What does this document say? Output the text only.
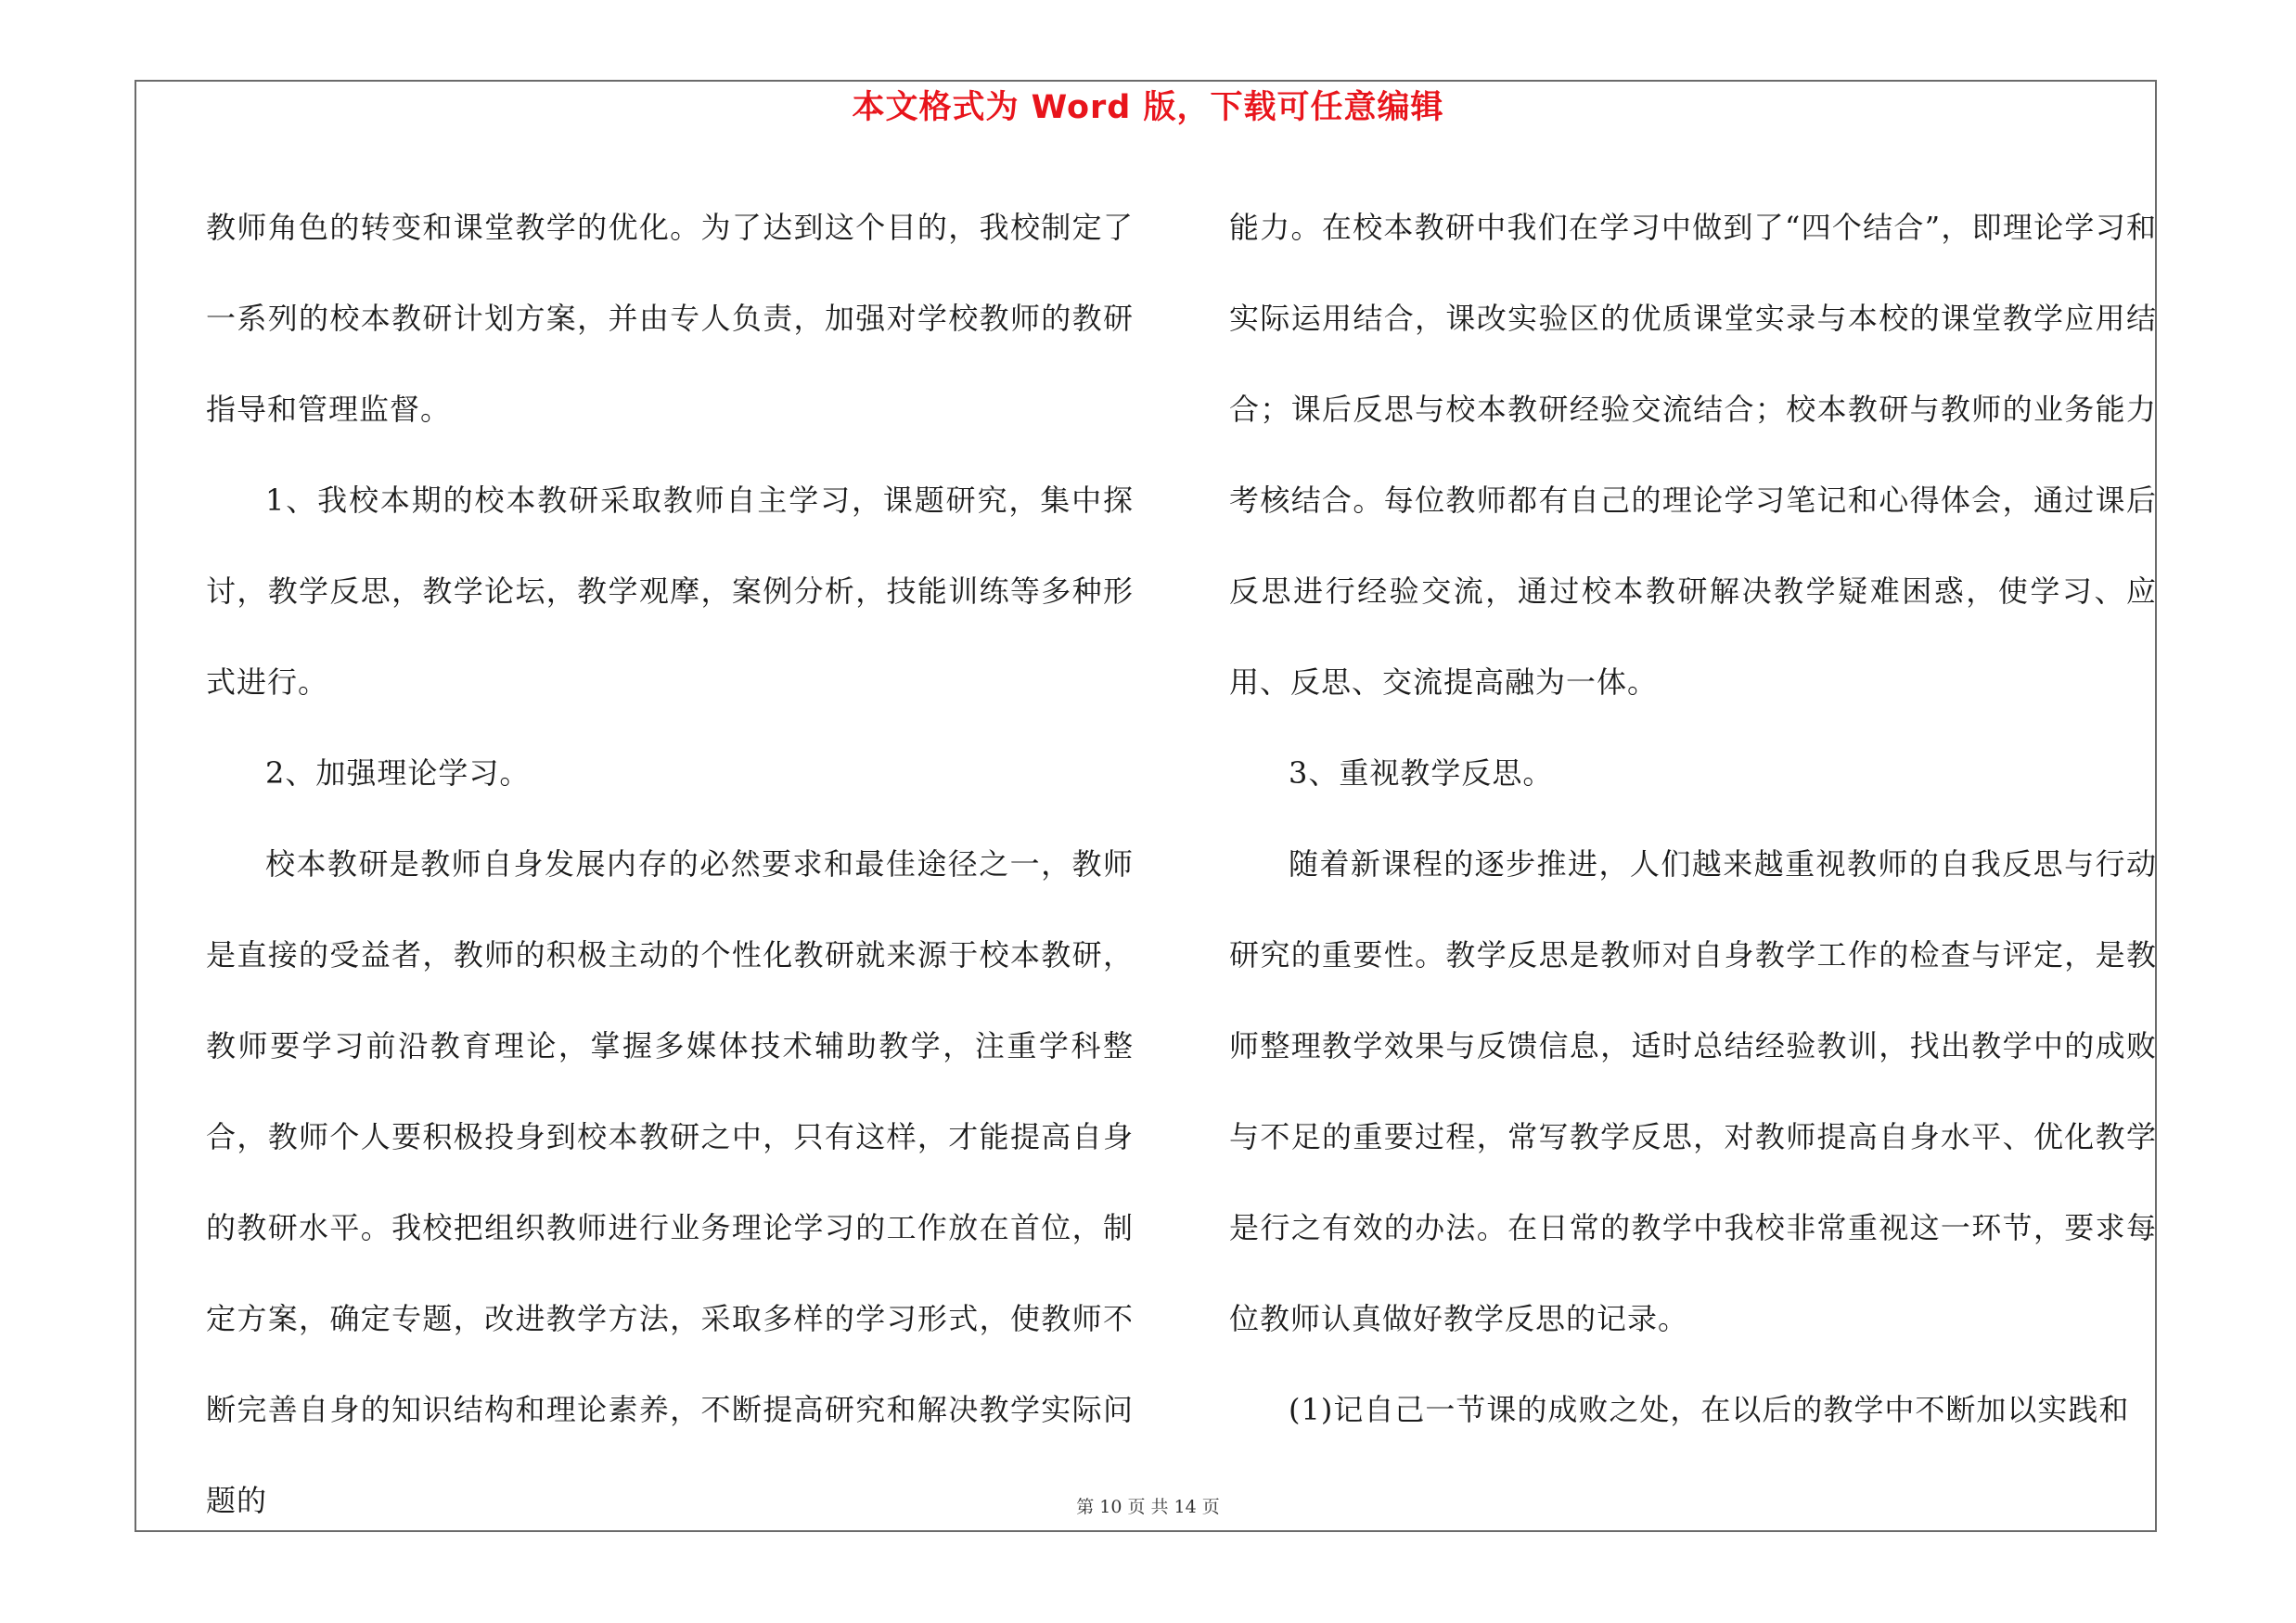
本文格式为 Word 版，下载可任意编辑

教师角色的转变和课堂教学的优化。为了达到这个目的，我校制定了一系列的校本教研计划方案，并由专人负责，加强对学校教师的教研指导和管理监督。

1、我校本期的校本教研采取教师自主学习，课题研究，集中探讨，教学反思，教学论坛，教学观摩，案例分析，技能训练等多种形式进行。

2、加强理论学习。

校本教研是教师自身发展内存的必然要求和最佳途径之一，教师是直接的受益者，教师的积极主动的个性化教研就来源于校本教研，教师要学习前沿教育理论，掌握多媒体技术辅助教学，注重学科整合，教师个人要积极投身到校本教研之中，只有这样，才能提高自身的教研水平。我校把组织教师进行业务理论学习的工作放在首位，制定方案，确定专题，改进教学方法，采取多样的学习形式，使教师不断完善自身的知识结构和理论素养，不断提高研究和解决教学实际问题的

能力。在校本教研中我们在学习中做到了“四个结合”，即理论学习和实际运用结合，课改实验区的优质课堂实录与本校的课堂教学应用结合；课后反思与校本教研经验交流结合；校本教研与教师的业务能力考核结合。每位教师都有自己的理论学习笔记和心得体会，通过课后反思进行经验交流，通过校本教研解决教学疑难困惑，使学习、应用、反思、交流提高融为一体。

3、重视教学反思。

随着新课程的逐步推进，人们越来越重视教师的自我反思与行动研究的重要性。教学反思是教师对自身教学工作的检查与评定，是教师整理教学效果与反馈信息，适时总结经验教训，找出教学中的成败与不足的重要过程，常写教学反思，对教师提高自身水平、优化教学是行之有效的办法。在日常的教学中我校非常重视这一环节，要求每位教师认真做好教学反思的记录。

(1)记自己一节课的成败之处，在以后的教学中不断加以实践和

第 10 页 共 14 页
